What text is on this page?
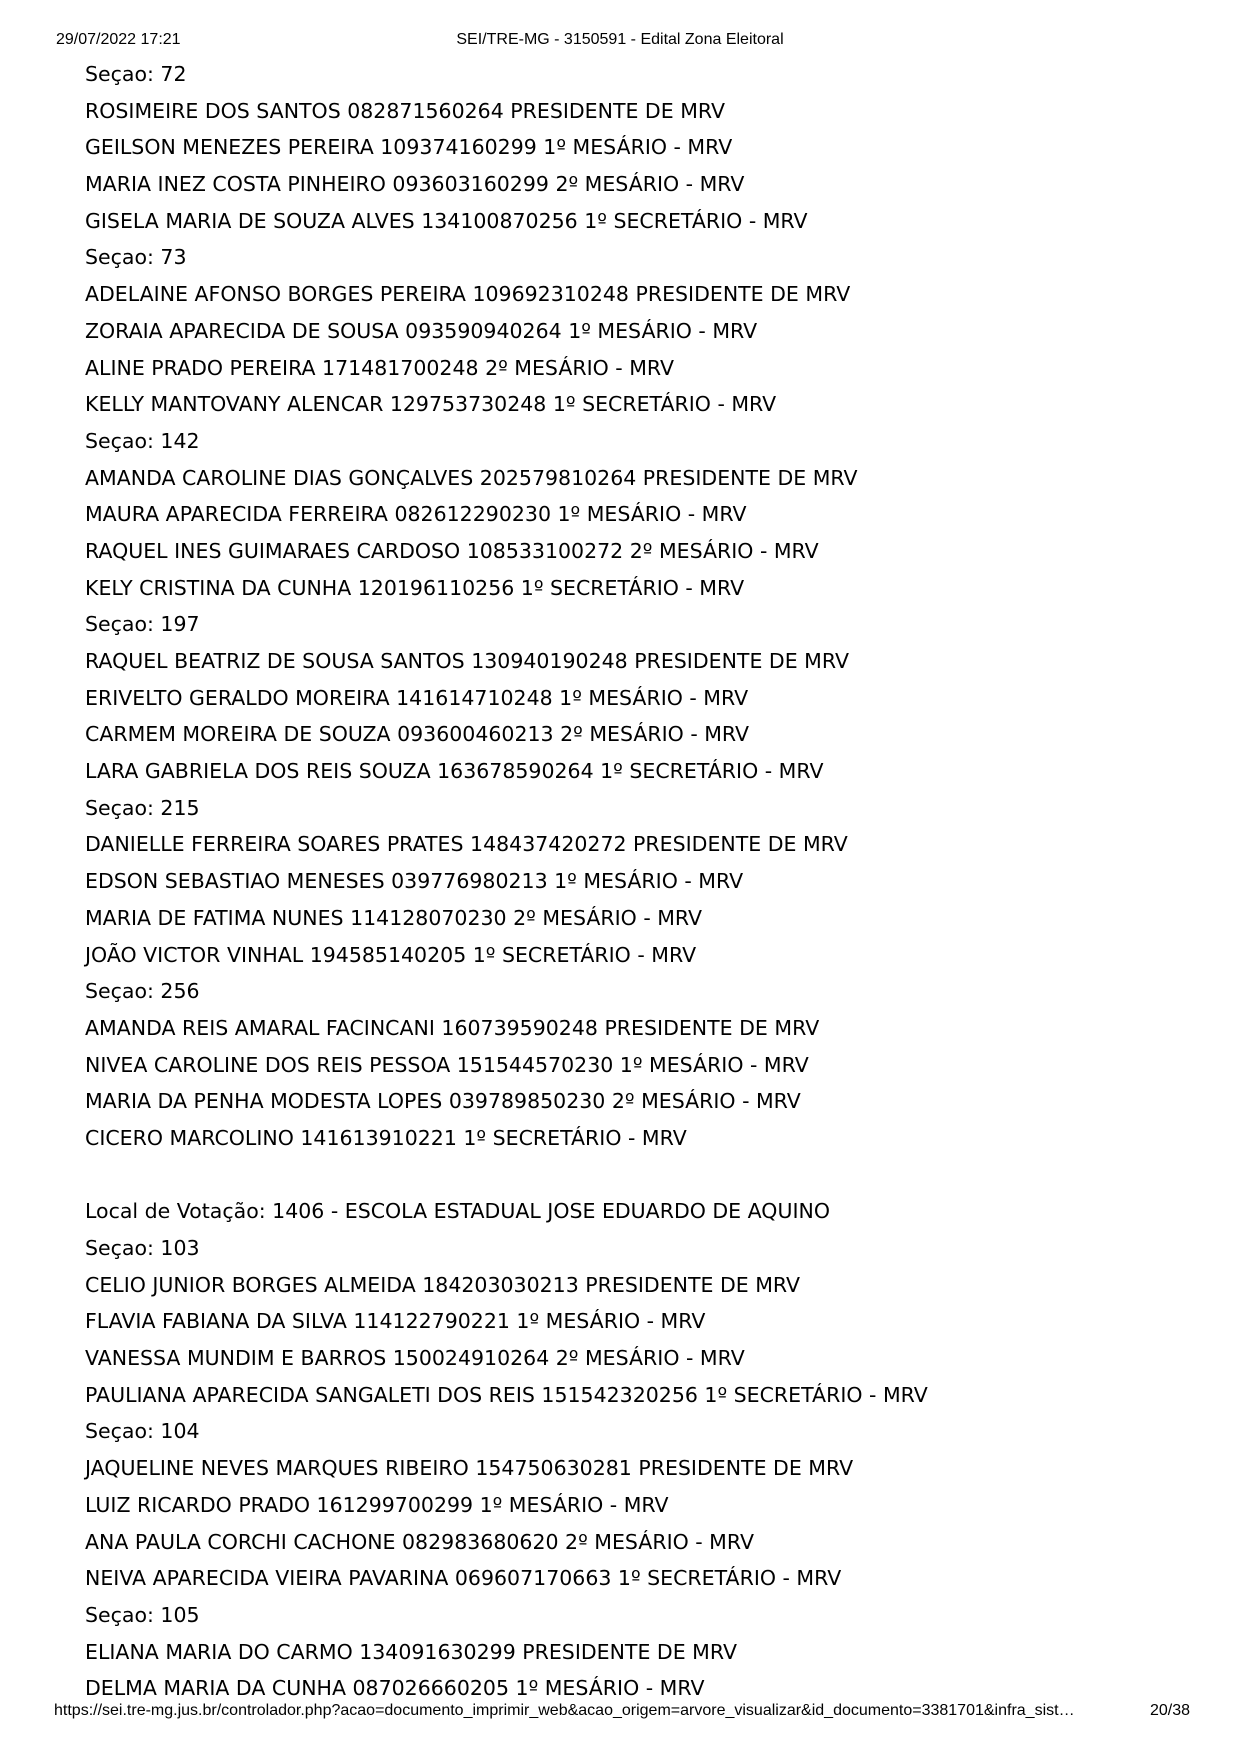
29/07/2022 17:21	SEI/TRE-MG - 3150591 - Edital Zona Eleitoral
Seçao: 72
ROSIMEIRE DOS SANTOS 082871560264 PRESIDENTE DE MRV
GEILSON MENEZES PEREIRA 109374160299 1º MESÁRIO - MRV
MARIA INEZ COSTA PINHEIRO 093603160299 2º MESÁRIO - MRV
GISELA MARIA DE SOUZA ALVES 134100870256 1º SECRETÁRIO - MRV
Seçao: 73
ADELAINE AFONSO BORGES PEREIRA 109692310248 PRESIDENTE DE MRV
ZORAIA APARECIDA DE SOUSA 093590940264 1º MESÁRIO - MRV
ALINE PRADO PEREIRA 171481700248 2º MESÁRIO - MRV
KELLY MANTOVANY ALENCAR 129753730248 1º SECRETÁRIO - MRV
Seçao: 142
AMANDA CAROLINE DIAS GONÇALVES 202579810264 PRESIDENTE DE MRV
MAURA APARECIDA FERREIRA 082612290230 1º MESÁRIO - MRV
RAQUEL INES GUIMARAES CARDOSO 108533100272 2º MESÁRIO - MRV
KELY CRISTINA DA CUNHA 120196110256 1º SECRETÁRIO - MRV
Seçao: 197
RAQUEL BEATRIZ DE SOUSA SANTOS 130940190248 PRESIDENTE DE MRV
ERIVELTO GERALDO MOREIRA 141614710248 1º MESÁRIO - MRV
CARMEM MOREIRA DE SOUZA 093600460213 2º MESÁRIO - MRV
LARA GABRIELA DOS REIS SOUZA 163678590264 1º SECRETÁRIO - MRV
Seçao: 215
DANIELLE FERREIRA SOARES PRATES 148437420272 PRESIDENTE DE MRV
EDSON SEBASTIAO MENESES 039776980213 1º MESÁRIO - MRV
MARIA DE FATIMA NUNES 114128070230 2º MESÁRIO - MRV
JOÃO VICTOR VINHAL 194585140205 1º SECRETÁRIO - MRV
Seçao: 256
AMANDA REIS AMARAL FACINCANI 160739590248 PRESIDENTE DE MRV
NIVEA CAROLINE DOS REIS PESSOA 151544570230 1º MESÁRIO - MRV
MARIA DA PENHA MODESTA LOPES 039789850230 2º MESÁRIO - MRV
CICERO MARCOLINO 141613910221 1º SECRETÁRIO - MRV
Local de Votação: 1406 - ESCOLA ESTADUAL JOSE EDUARDO DE AQUINO
Seçao: 103
CELIO JUNIOR BORGES ALMEIDA 184203030213 PRESIDENTE DE MRV
FLAVIA FABIANA DA SILVA 114122790221 1º MESÁRIO - MRV
VANESSA MUNDIM E BARROS 150024910264 2º MESÁRIO - MRV
PAULIANA APARECIDA SANGALETI DOS REIS 151542320256 1º SECRETÁRIO - MRV
Seçao: 104
JAQUELINE NEVES MARQUES RIBEIRO 154750630281 PRESIDENTE DE MRV
LUIZ RICARDO PRADO 161299700299 1º MESÁRIO - MRV
ANA PAULA CORCHI CACHONE 082983680620 2º MESÁRIO - MRV
NEIVA APARECIDA VIEIRA PAVARINA 069607170663 1º SECRETÁRIO - MRV
Seçao: 105
ELIANA MARIA DO CARMO 134091630299 PRESIDENTE DE MRV
DELMA MARIA DA CUNHA 087026660205 1º MESÁRIO - MRV
https://sei.tre-mg.jus.br/controlador.php?acao=documento_imprimir_web&acao_origem=arvore_visualizar&id_documento=3381701&infra_sist…	20/38
